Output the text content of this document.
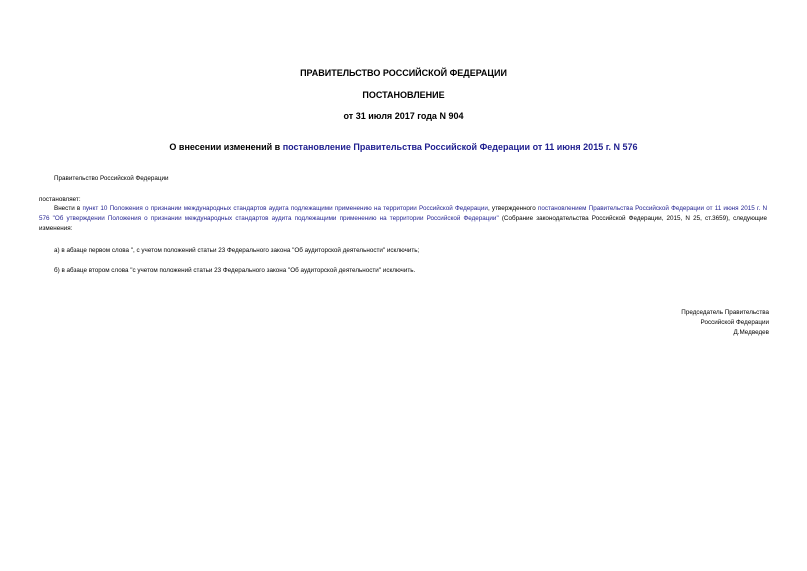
ПРАВИТЕЛЬСТВО РОССИЙСКОЙ ФЕДЕРАЦИИ
ПОСТАНОВЛЕНИЕ
от 31 июля 2017 года N 904
О внесении изменений в постановление Правительства Российской Федерации от 11 июня 2015 г. N 576
Правительство Российской Федерации
постановляет:
Внести в пункт 10 Положения о признании международных стандартов аудита подлежащими применению на территории Российской Федерации, утвержденного постановлением Правительства Российской Федерации от 11 июня 2015 г. N 576 "Об утверждении Положения о признании международных стандартов аудита подлежащими применению на территории Российской Федерации" (Собрание законодательства Российской Федерации, 2015, N 25, ст.3659), следующие изменения:
а) в абзаце первом слова ", с учетом положений статьи 23 Федерального закона "Об аудиторской деятельности" исключить;
б) в абзаце втором слова "с учетом положений статьи 23 Федерального закона "Об аудиторской деятельности" исключить.
Председатель Правительства
Российской Федерации
Д.Медведев
